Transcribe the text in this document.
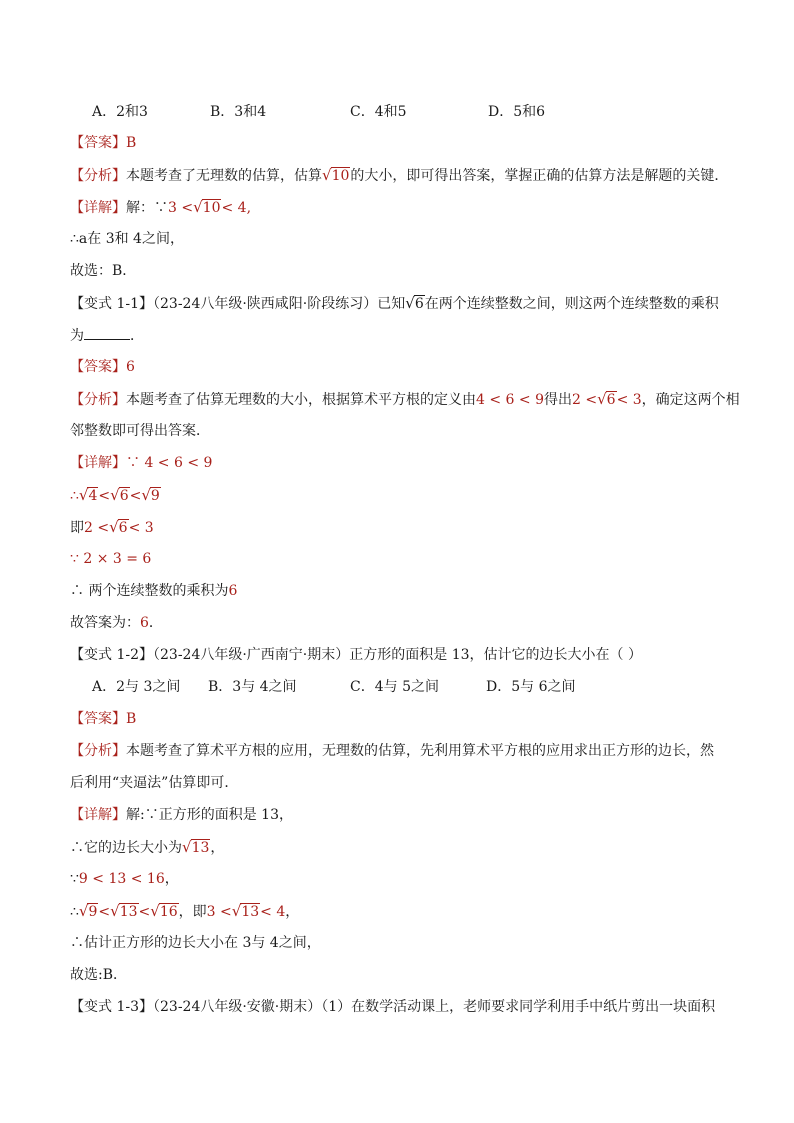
A．2和3	B．3和4	C．4和5	D．5和6
【答案】B
【分析】本题考查了无理数的估算，估算√10的大小，即可得出答案，掌握正确的估算方法是解题的关键．
【详解】解：∵3 <√10< 4,
∴a在 3和 4之间，
故选：B．
【变式 1-1】（23-24八年级·陕西咸阳·阶段练习）已知√6在两个连续整数之间，则这两个连续整数的乘积
为	．
【答案】6
【分析】本题考查了估算无理数的大小，根据算术平方根的定义由4 < 6 < 9得出2 <√6< 3，确定这两个相
邻整数即可得出答案．
【详解】∵ 4 < 6 < 9
∴√4<√6<√9
即2 <√6< 3
∵ 2 × 3 = 6
∴ 两个连续整数的乘积为6
故答案为：6．
【变式 1-2】（23-24八年级·广西南宁·期末）正方形的面积是 13，估计它的边长大小在（ ）
A．2与 3之间 B．3与 4之间	C．4与 5之间	D．5与 6之间
【答案】B
【分析】本题考查了算术平方根的应用，无理数的估算，先利用算术平方根的应用求出正方形的边长，然
后利用“夹逼法”估算即可．
【详解】解:∵正方形的面积是 13，
∴它的边长大小为√13，
∵9 < 13 < 16，
∴√9<√13<√16，即3 <√13< 4，
∴估计正方形的边长大小在 3与 4之间，
故选:B．
【变式 1-3】（23-24八年级·安徽·期末）（1）在数学活动课上，老师要求同学利用手中纸片剪出一块面积
